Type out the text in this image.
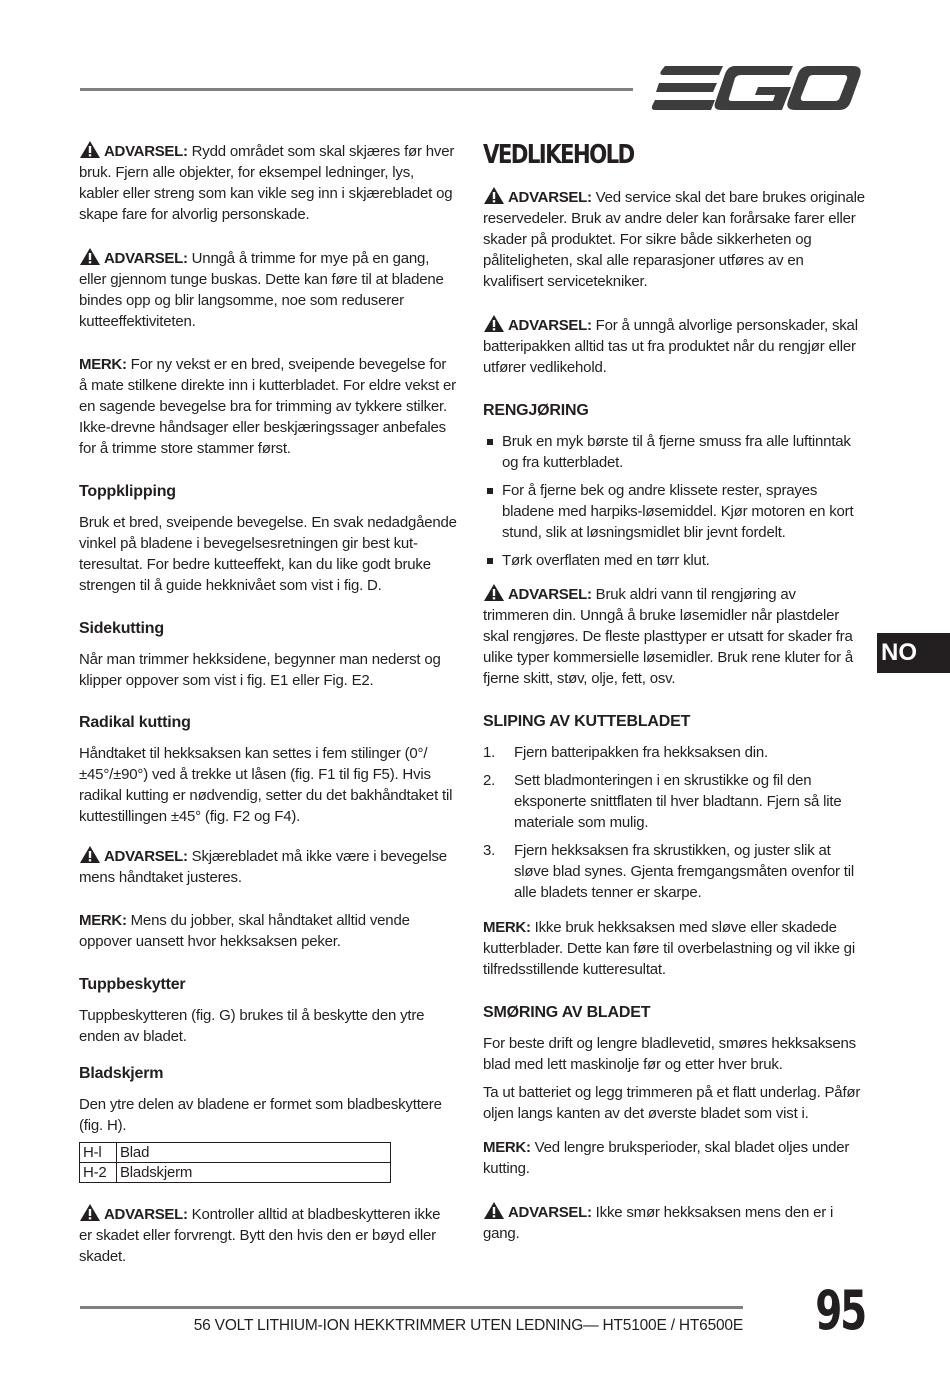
ADVARSEL: Rydd området som skal skjæres før hver bruk. Fjern alle objekter, for eksempel ledninger, lys, kabler eller streng som kan vikle seg inn i skjærebladet og skape fare for alvorlig personskade.

ADVARSEL: Unngå å trimme for mye på en gang, eller gjennom tunge buskas. Dette kan føre til at bladene bindes opp og blir langsomme, noe som reduserer kutteeffektiviteten.

MERK: For ny vekst er en bred, sveipende bevegelse for å mate stilkene direkte inn i kutterbladet. For eldre vekst er en sagende bevegelse bra for trimming av tykkere stilker. Ikke-drevne håndsager eller beskjæringssager anbefales for å trimme store stammer først.

Toppklipping

Bruk et bred, sveipende bevegelse. En svak nedadgående vinkel på bladene i bevegelsesretningen gir best kut-teresultat. For bedre kutteeffekt, kan du like godt bruke strengen til å guide hekknivået som vist i fig. D.

Sidekutting

Når man trimmer hekksidene, begynner man nederst og klipper oppover som vist i fig. E1 eller Fig. E2.

Radikal kutting

Håndtaket til hekksaksen kan settes i fem stilinger (0°/±45°/±90°) ved å trekke ut låsen (fig. F1 til fig F5). Hvis radikal kutting er nødvendig, setter du det bakhåndtaket til kuttestillingen ±45° (fig. F2 og F4).

ADVARSEL: Skjærebladet må ikke være i bevegelse mens håndtaket justeres.

MERK: Mens du jobber, skal håndtaket alltid vende oppover uansett hvor hekksaksen peker.

Tuppbeskytter

Tuppbeskytteren (fig. G) brukes til å beskytte den ytre enden av bladet.

Bladskjerm

Den ytre delen av bladene er formet som bladbeskyttere (fig. H).

H-l	Blad
H-2	Bladskjerm

ADVARSEL: Kontroller alltid at bladbeskytteren ikke er skadet eller forvrengt. Bytt den hvis den er bøyd eller skadet.

VEDLIKEHOLD

ADVARSEL: Ved service skal det bare brukes originale reservedeler. Bruk av andre deler kan forårsake farer eller skader på produktet. For sikre både sikkerheten og påliteligheten, skal alle reparasjoner utføres av en kvalifisert servicetekniker.

ADVARSEL: For å unngå alvorlige personskader, skal batteripakken alltid tas ut fra produktet når du rengjør eller utfører vedlikehold.

RENGJØRING
Bruk en myk børste til å fjerne smuss fra alle luftinntak og fra kutterbladet.
For å fjerne bek og andre klissete rester, sprayes bladene med harpiks-løsemiddel. Kjør motoren en kort stund, slik at løsningsmidlet blir jevnt fordelt.
Tørk overflaten med en tørr klut.

ADVARSEL: Bruk aldri vann til rengjøring av trimmeren din. Unngå å bruke løsemidler når plastdeler skal rengjøres. De fleste plasttyper er utsatt for skader fra ulike typer kommersielle løsemidler. Bruk rene kluter for å fjerne skitt, støv, olje, fett, osv.

SLIPING AV KUTTEBLADET
1. Fjern batteripakken fra hekksaksen din.
2. Sett bladmonteringen i en skrustikke og fil den eksponerte snittflaten til hver bladtann. Fjern så lite materiale som mulig.
3. Fjern hekksaksen fra skrustikken, og juster slik at sløve blad synes. Gjenta fremgangsmåten ovenfor til alle bladets tenner er skarpe.

MERK: Ikke bruk hekksaksen med sløve eller skadede kutterblader. Dette kan føre til overbelastning og vil ikke gi tilfredsstillende kutteresultat.

SMØRING AV BLADET

For beste drift og lengre bladlevetid, smøres hekksaksens blad med lett maskinolje før og etter hver bruk.

Ta ut batteriet og legg trimmeren på et flatt underlag. Påfør oljen langs kanten av det øverste bladet som vist i.

MERK: Ved lengre bruksperioder, skal bladet oljes under kutting.

ADVARSEL: Ikke smør hekksaksen mens den er i gang.

NO
56 VOLT LITHIUM-ION HEKKTRIMMER UTEN LEDNING— HT5100E / HT6500E 95
